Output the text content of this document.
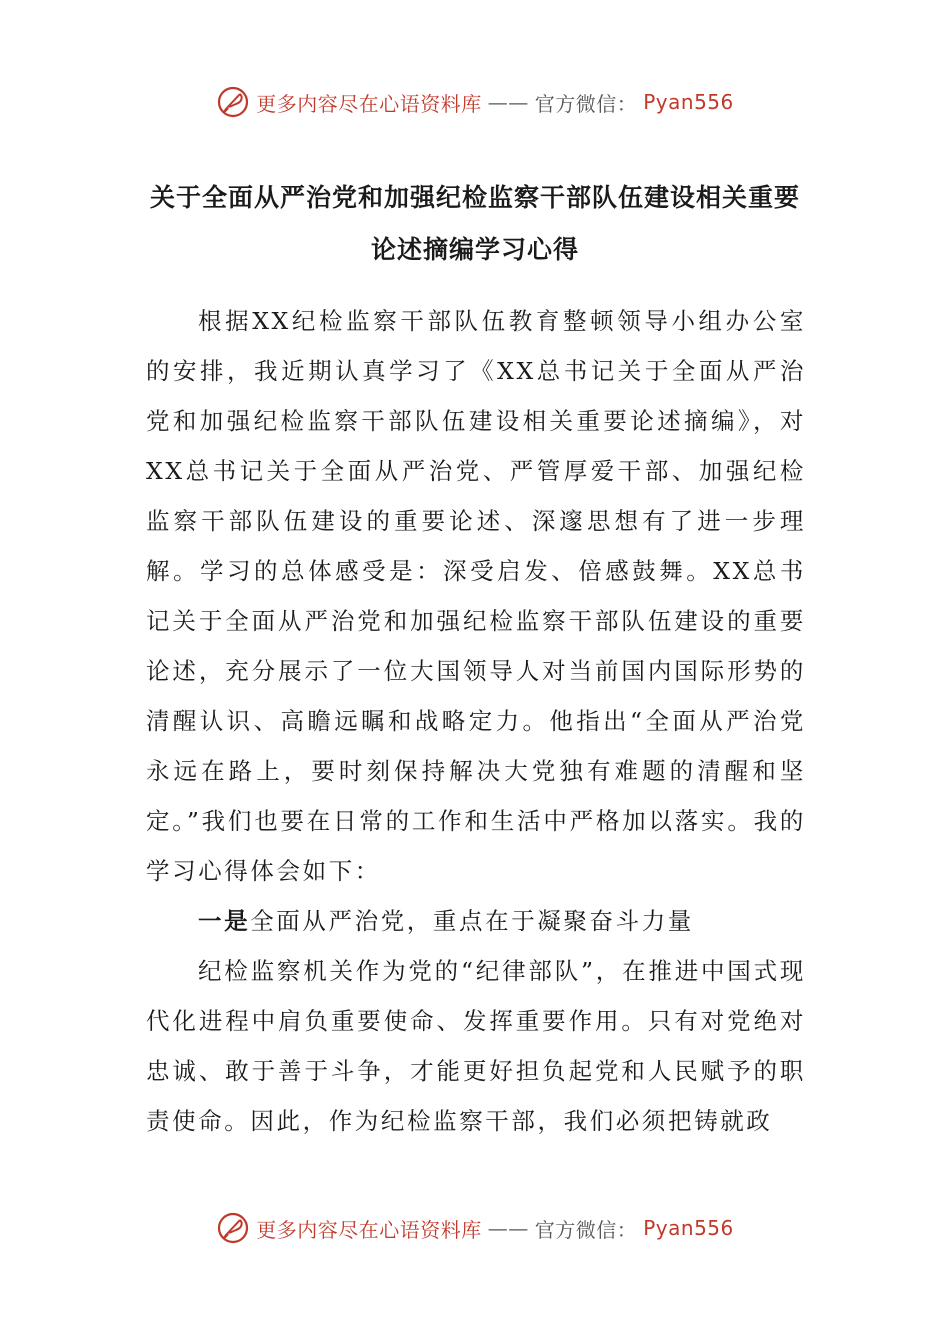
更多内容尽在心语资料库 —— 官方微信： Pyan556
关于全面从严治党和加强纪检监察干部队伍建设相关重要
论述摘编学习心得

根据XX纪检监察干部队伍教育整顿领导小组办公室的安排，我近期认真学习了《XX总书记关于全面从严治党和加强纪检监察干部队伍建设相关重要论述摘编》，对XX总书记关于全面从严治党、严管厚爱干部、加强纪检监察干部队伍建设的重要论述、深邃思想有了进一步理解。学习的总体感受是：深受启发、倍感鼓舞。XX总书记关于全面从严治党和加强纪检监察干部队伍建设的重要论述，充分展示了一位大国领导人对当前国内国际形势的清醒认识、高瞻远瞩和战略定力。他指出“全面从严治党永远在路上，要时刻保持解决大党独有难题的清醒和坚定。”我们也要在日常的工作和生活中严格加以落实。我的学习心得体会如下：

一是全面从严治党，重点在于凝聚奋斗力量

纪检监察机关作为党的“纪律部队”，在推进中国式现代化进程中肩负重要使命、发挥重要作用。只有对党绝对忠诚、敢于善于斗争，才能更好担负起党和人民赋予的职责使命。因此，作为纪检监察干部，我们必须把铸就政

更多内容尽在心语资料库 —— 官方微信： Pyan556
